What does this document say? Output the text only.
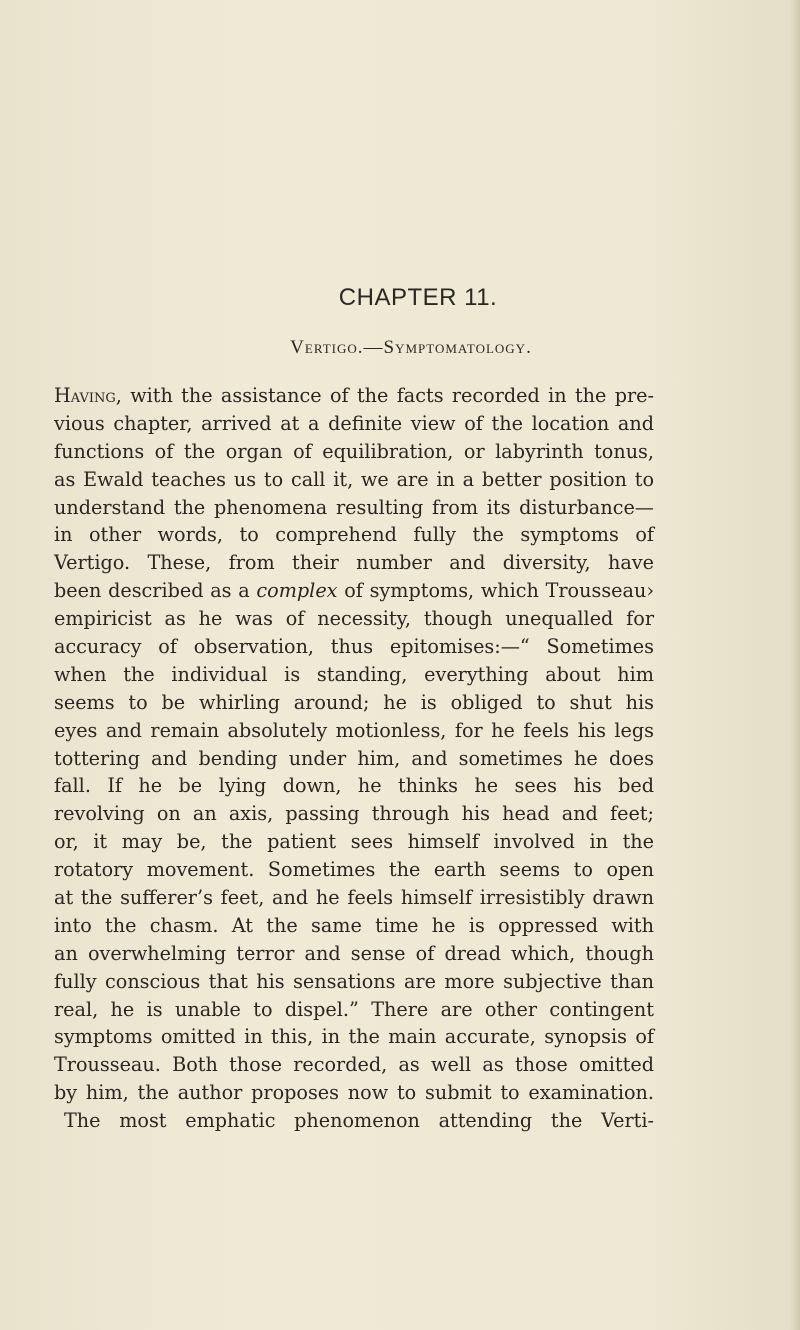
CHAPTER 11.
Vertigo.—Symptomatology.
Having, with the assistance of the facts recorded in the pre-
vious chapter, arrived at a definite view of the location and
functions of the organ of equilibration, or labyrinth tonus,
as Ewald teaches us to call it, we are in a better position to
understand the phenomena resulting from its disturbance—
in other words, to comprehend fully the symptoms of
Vertigo. These, from their number and diversity, have
been described as a complex of symptoms, which Trousseau›
empiricist as he was of necessity, though unequalled for
accuracy of observation, thus epitomises:—“ Sometimes
when the individual is standing, everything about him
seems to be whirling around; he is obliged to shut his
eyes and remain absolutely motionless, for he feels his legs
tottering and bending under him, and sometimes he does
fall. If he be lying down, he thinks he sees his bed
revolving on an axis, passing through his head and feet;
or, it may be, the patient sees himself involved in the
rotatory movement. Sometimes the earth seems to open
at the sufferer’s feet, and he feels himself irresistibly drawn
into the chasm. At the same time he is oppressed with
an overwhelming terror and sense of dread which, though
fully conscious that his sensations are more subjective than
real, he is unable to dispel.” There are other contingent
symptoms omitted in this, in the main accurate, synopsis of
Trousseau. Both those recorded, as well as those omitted
by him, the author proposes now to submit to examination.
The most emphatic phenomenon attending the Verti-
